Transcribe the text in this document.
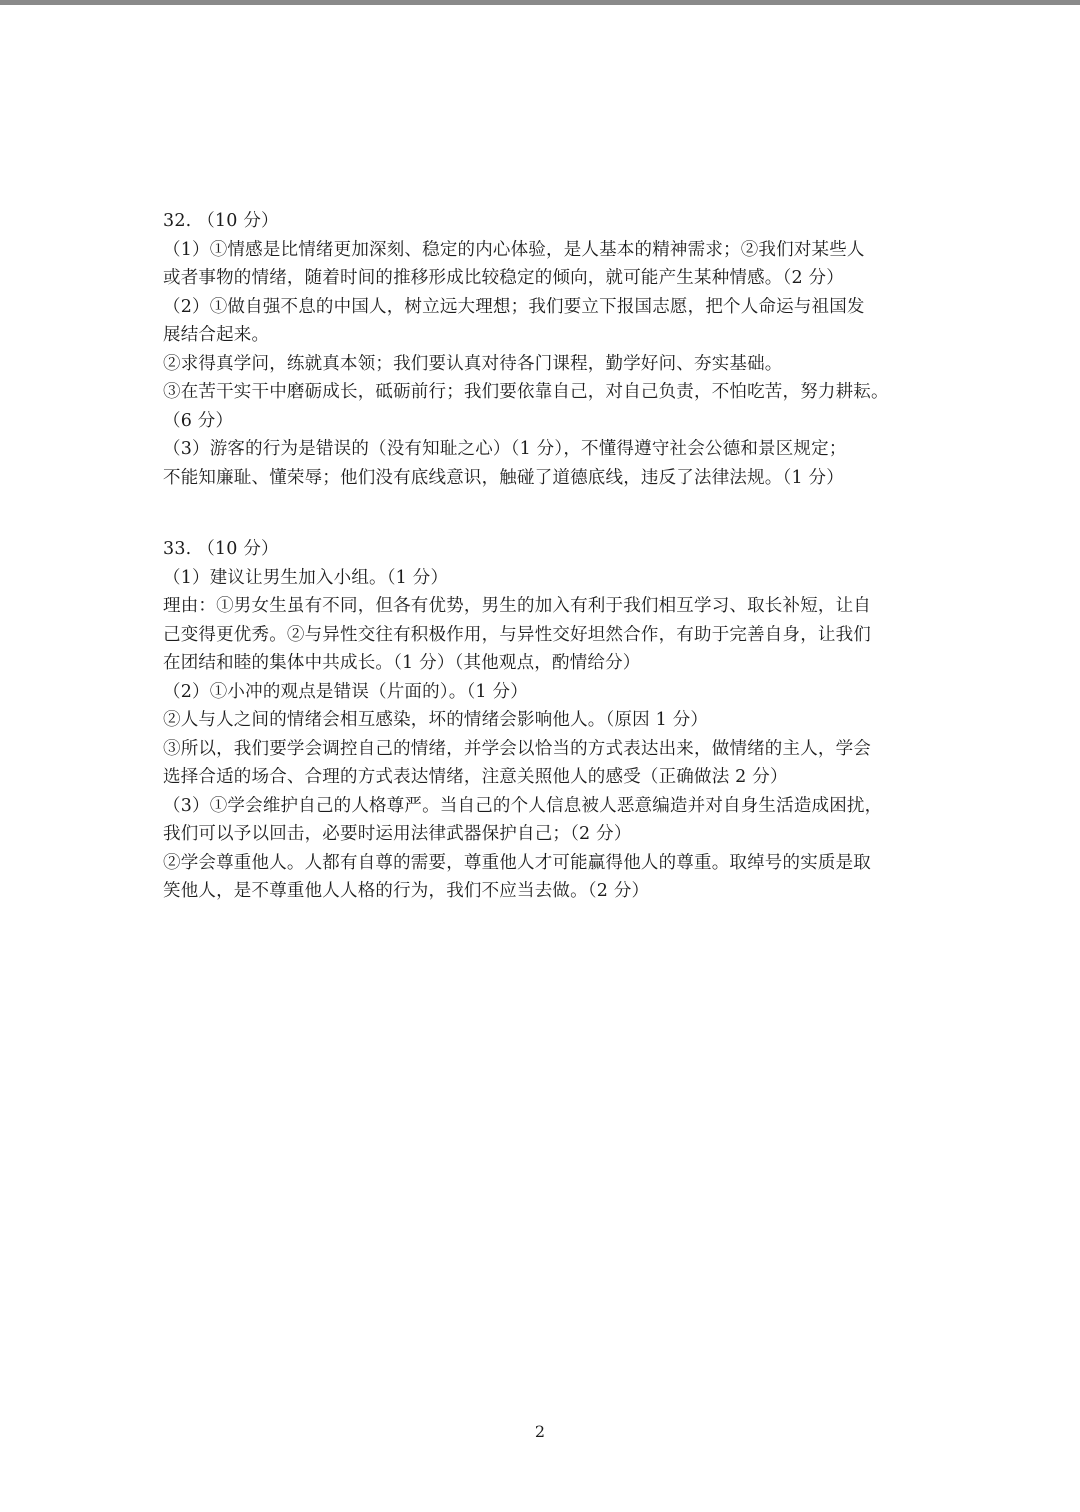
32. （10 分）
（1）①情感是比情绪更加深刻、稳定的内心体验，是人基本的精神需求；②我们对某些人
或者事物的情绪，随着时间的推移形成比较稳定的倾向，就可能产生某种情感。（2 分）
（2）①做自强不息的中国人，树立远大理想；我们要立下报国志愿，把个人命运与祖国发
展结合起来。
②求得真学问，练就真本领；我们要认真对待各门课程，勤学好问、夯实基础。
③在苦干实干中磨砺成长，砥砺前行；我们要依靠自己，对自己负责，不怕吃苦，努力耕耘。
（6 分）
（3）游客的行为是错误的（没有知耻之心）（1 分），不懂得遵守社会公德和景区规定；
不能知廉耻、懂荣辱；他们没有底线意识，触碰了道德底线，违反了法律法规。（1 分）
33. （10 分）
（1）建议让男生加入小组。（1 分）
理由：①男女生虽有不同，但各有优势，男生的加入有利于我们相互学习、取长补短，让自
己变得更优秀。②与异性交往有积极作用，与异性交好坦然合作，有助于完善自身，让我们
在团结和睦的集体中共成长。（1 分）（其他观点，酌情给分）
（2）①小冲的观点是错误（片面的）。（1 分）
②人与人之间的情绪会相互感染，坏的情绪会影响他人。（原因 1 分）
③所以，我们要学会调控自己的情绪，并学会以恰当的方式表达出来，做情绪的主人，学会
选择合适的场合、合理的方式表达情绪，注意关照他人的感受（正确做法 2 分）
（3）①学会维护自己的人格尊严。当自己的个人信息被人恶意编造并对自身生活造成困扰，
我们可以予以回击，必要时运用法律武器保护自己；（2 分）
②学会尊重他人。人都有自尊的需要，尊重他人才可能赢得他人的尊重。取绰号的实质是取
笑他人，是不尊重他人人格的行为，我们不应当去做。（2 分）
2
